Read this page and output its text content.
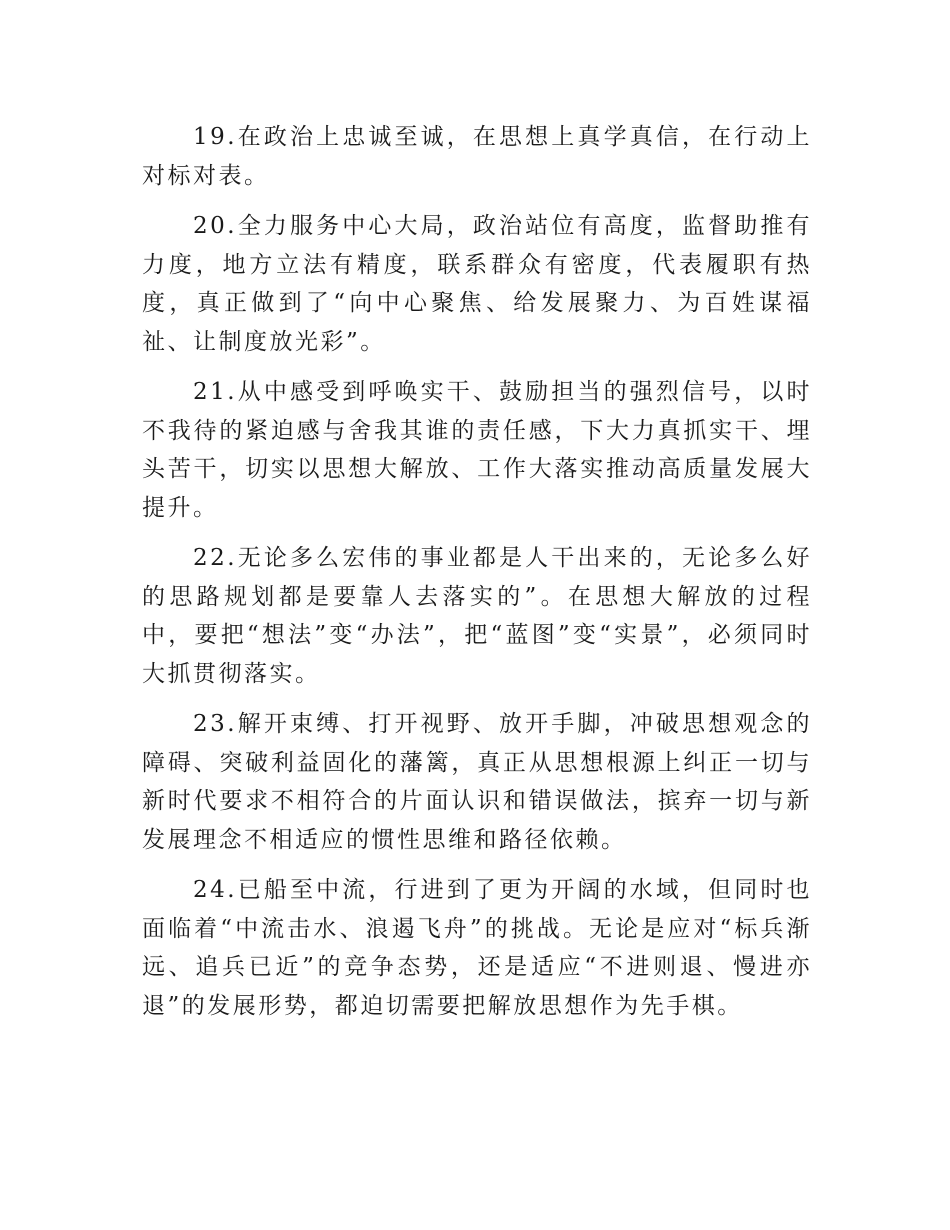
19.在政治上忠诚至诚，在思想上真学真信，在行动上对标对表。

20.全力服务中心大局，政治站位有高度，监督助推有力度，地方立法有精度，联系群众有密度，代表履职有热度，真正做到了“向中心聚焦、给发展聚力、为百姓谋福祉、让制度放光彩”。

21.从中感受到呼唤实干、鼓励担当的强烈信号，以时不我待的紧迫感与舍我其谁的责任感，下大力真抓实干、埋头苦干，切实以思想大解放、工作大落实推动高质量发展大提升。

22.无论多么宏伟的事业都是人干出来的，无论多么好的思路规划都是要靠人去落实的”。在思想大解放的过程中，要把“想法”变“办法”，把“蓝图”变“实景”，必须同时大抓贯彻落实。

23.解开束缚、打开视野、放开手脚，冲破思想观念的障碍、突破利益固化的藩篱，真正从思想根源上纠正一切与新时代要求不相符合的片面认识和错误做法，摈弃一切与新发展理念不相适应的惯性思维和路径依赖。

24.已船至中流，行进到了更为开阔的水域，但同时也面临着“中流击水、浪遏飞舟”的挑战。无论是应对“标兵渐远、追兵已近”的竞争态势，还是适应“不进则退、慢进亦退”的发展形势，都迫切需要把解放思想作为先手棋。
